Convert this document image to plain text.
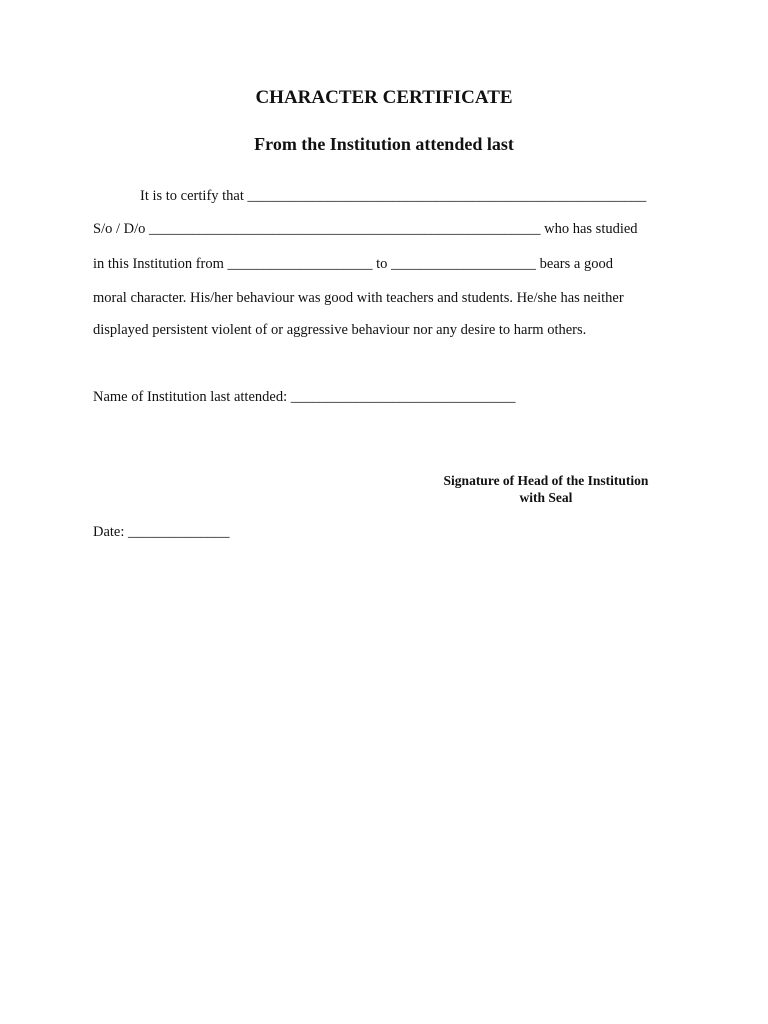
CHARACTER CERTIFICATE
From the Institution attended last
It is to certify that _______________________________________________________
S/o / D/o ______________________________________________________ who has studied
in this Institution from ____________________ to ____________________ bears a good
moral character. His/her behaviour was good with teachers and students. He/she has neither
displayed persistent violent of or aggressive behaviour nor any desire to harm others.
Name of Institution last attended: _______________________________
Signature of Head of the Institution
with Seal
Date: ______________
